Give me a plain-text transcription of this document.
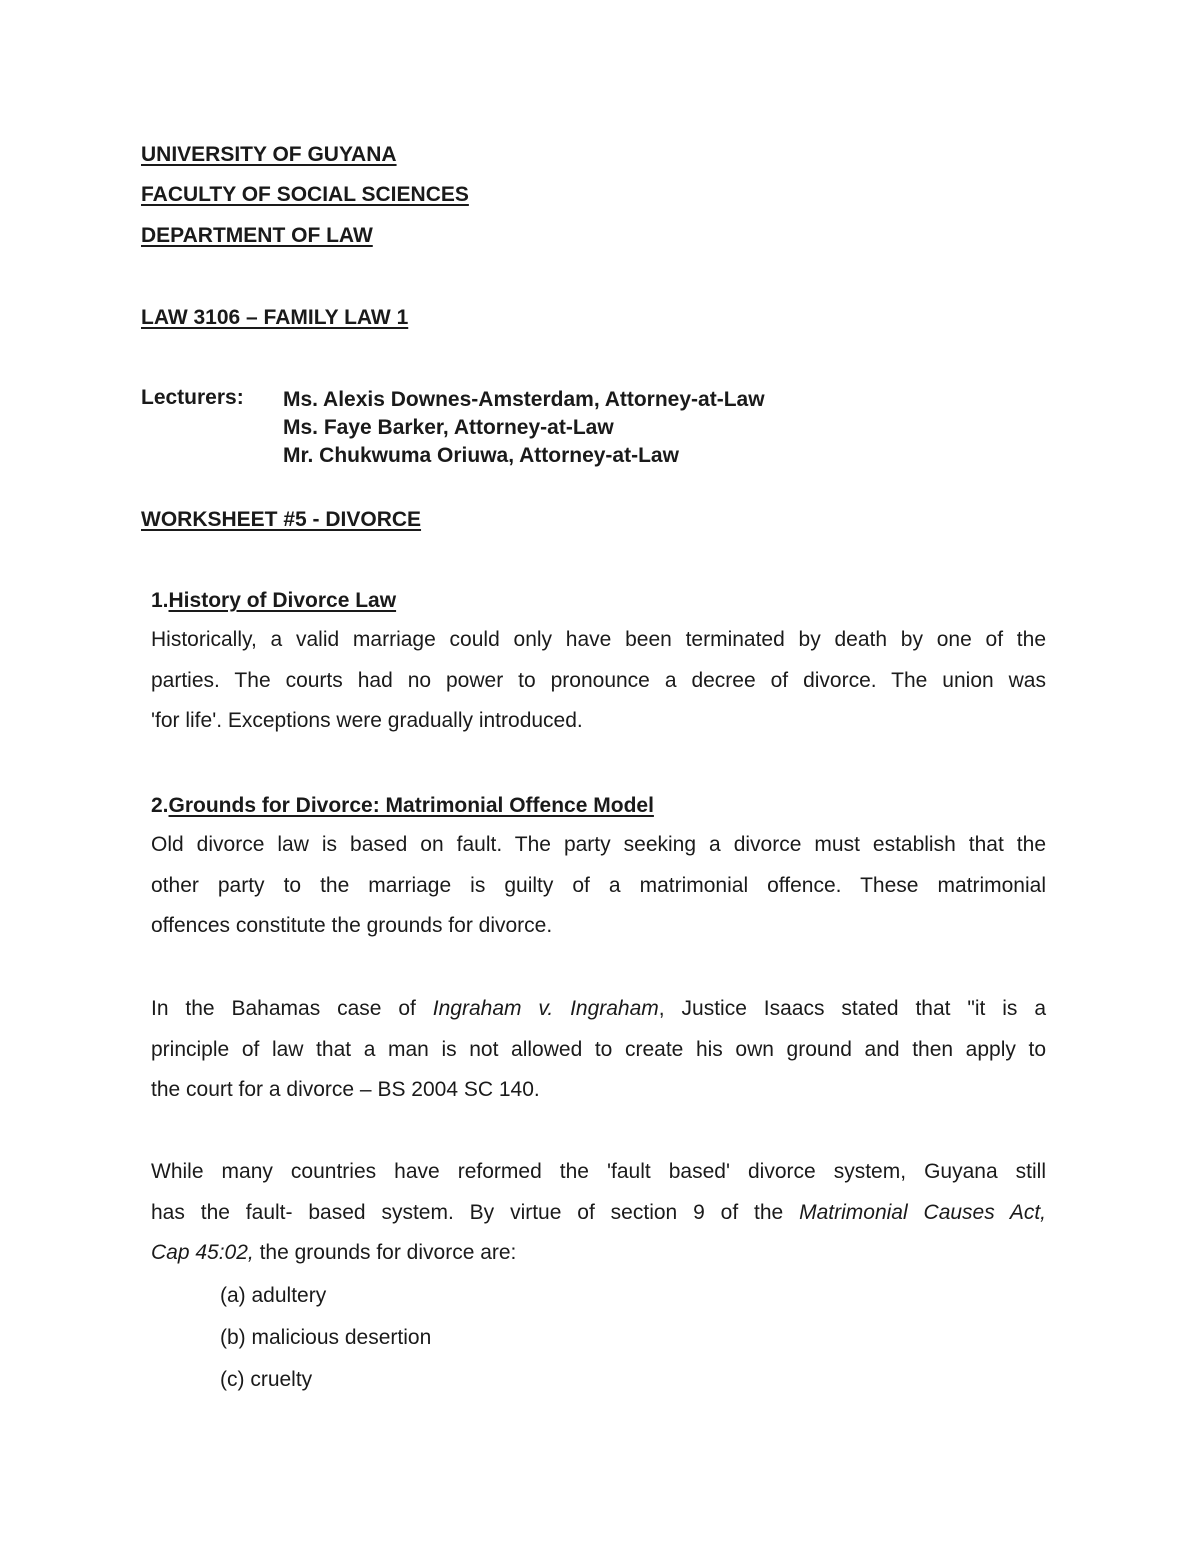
UNIVERSITY OF GUYANA
FACULTY OF SOCIAL SCIENCES
DEPARTMENT OF LAW
LAW 3106 – FAMILY LAW 1
Lecturers: Ms. Alexis Downes-Amsterdam, Attorney-at-Law
Ms. Faye Barker, Attorney-at-Law
Mr. Chukwuma Oriuwa, Attorney-at-Law
WORKSHEET #5 - DIVORCE
1.History of Divorce Law
Historically, a valid marriage could only have been terminated by death by one of the
parties. The courts had no power to pronounce a decree of divorce. The union was
'for life'. Exceptions were gradually introduced.
2.Grounds for Divorce: Matrimonial Offence Model
Old divorce law is based on fault. The party seeking a divorce must establish that the
other party to the marriage is guilty of a matrimonial offence. These matrimonial
offences constitute the grounds for divorce.
In the Bahamas case of Ingraham v. Ingraham, Justice Isaacs stated that "it is a
principle of law that a man is not allowed to create his own ground and then apply to
the court for a divorce – BS 2004 SC 140.
While many countries have reformed the 'fault based' divorce system, Guyana still
has the fault- based system. By virtue of section 9 of the Matrimonial Causes Act,
Cap 45:02, the grounds for divorce are:
(a) adultery
(b) malicious desertion
(c) cruelty
